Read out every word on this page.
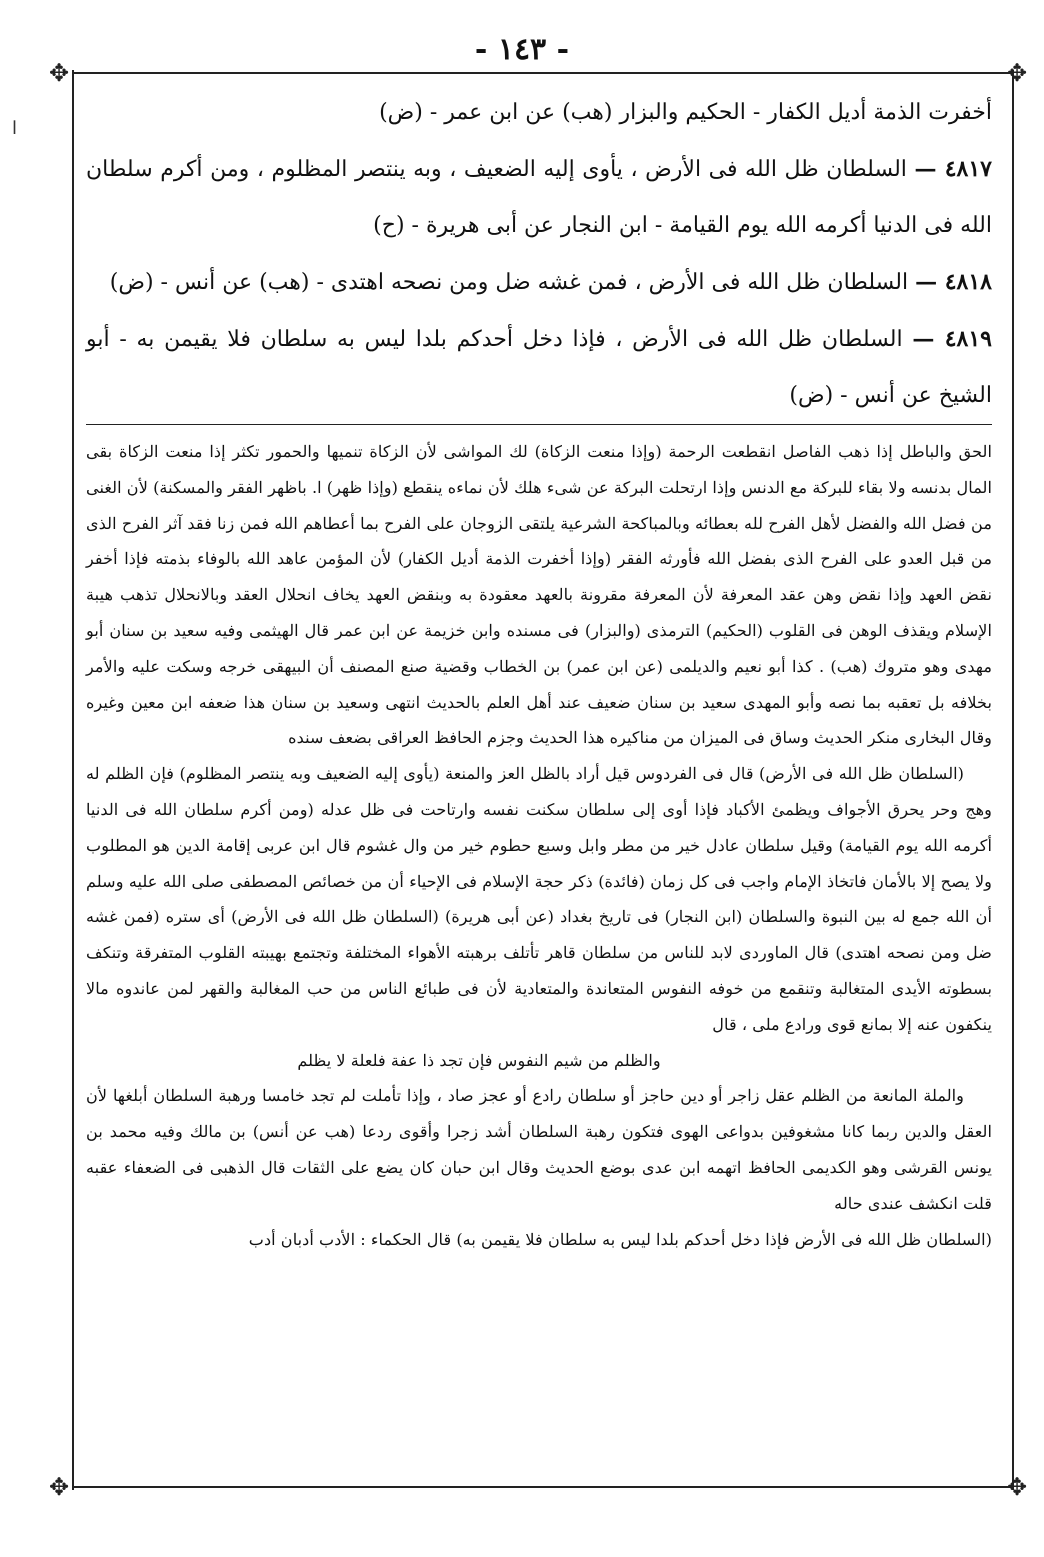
- ١٤٣ -
✥	✥
✥	✥
ا

أخفرت الذمة أديل الكفار - الحكيم والبزار (هب) عن ابن عمر - (ض)

٤٨١٧ — السلطان ظل الله فى الأرض ، يأوى إليه الضعيف ، وبه ينتصر المظلوم ، ومن أكرم سلطان الله فى الدنيا أكرمه الله يوم القيامة - ابن النجار عن أبى هريرة - (ح)

٤٨١٨ — السلطان ظل الله فى الأرض ، فمن غشه ضل ومن نصحه اهتدى - (هب) عن أنس - (ض)

٤٨١٩ — السلطان ظل الله فى الأرض ، فإذا دخل أحدكم بلدا ليس به سلطان فلا يقيمن به - أبو الشيخ عن أنس - (ض)

الحق والباطل إذا ذهب الفاصل انقطعت الرحمة (وإذا منعت الزكاة) لك المواشى لأن الزكاة تنميها والحمور تكثر إذا منعت الزكاة بقى المال بدنسه ولا بقاء للبركة مع الدنس وإذا ارتحلت البركة عن شىء هلك لأن نماءه ينقطع (وإذا ظهر) ا. باظهر الفقر والمسكنة) لأن الغنى من فضل الله والفضل لأهل الفرح لله بعطائه وبالمباكحة الشرعية يلتقى الزوجان على الفرح بما أعطاهم الله فمن زنا فقد آثر الفرح الذى من قبل العدو على الفرح الذى بفضل الله فأورثه الفقر (وإذا أخفرت الذمة أديل الكفار) لأن المؤمن عاهد الله بالوفاء بذمته فإذا أخفر نقض العهد وإذا نقض وهن عقد المعرفة لأن المعرفة مقرونة بالعهد معقودة به وبنقض العهد يخاف انحلال العقد وبالانحلال تذهب هيبة الإسلام ويقذف الوهن فى القلوب (الحكيم) الترمذى (والبزار) فى مسنده وابن خزيمة عن ابن عمر قال الهيثمى وفيه سعيد بن سنان أبو مهدى وهو متروك (هب) . كذا أبو نعيم والديلمى (عن ابن عمر) بن الخطاب وقضية صنع المصنف أن البيهقى خرجه وسكت عليه والأمر بخلافه بل تعقبه بما نصه وأبو المهدى سعيد بن سنان ضعيف عند أهل العلم بالحديث انتهى وسعيد بن سنان هذا ضعفه ابن معين وغيره وقال البخارى منكر الحديث وساق فى الميزان من مناكيره هذا الحديث وجزم الحافظ العراقى بضعف سنده

(السلطان ظل الله فى الأرض) قال فى الفردوس قيل أراد بالظل العز والمنعة (يأوى إليه الضعيف وبه ينتصر المظلوم) فإن الظلم له وهج وحر يحرق الأجواف ويظمئ الأكباد فإذا أوى إلى سلطان سكنت نفسه وارتاحت فى ظل عدله (ومن أكرم سلطان الله فى الدنيا أكرمه الله يوم القيامة) وقيل سلطان عادل خير من مطر وابل وسبع حطوم خير من وال غشوم قال ابن عربى إقامة الدين هو المطلوب ولا يصح إلا بالأمان فاتخاذ الإمام واجب فى كل زمان (فائدة) ذكر حجة الإسلام فى الإحياء أن من خصائص المصطفى صلى الله عليه وسلم أن الله جمع له بين النبوة والسلطان (ابن النجار) فى تاريخ بغداد (عن أبى هريرة) (السلطان ظل الله فى الأرض) أى ستره (فمن غشه ضل ومن نصحه اهتدى) قال الماوردى لابد للناس من سلطان قاهر تأتلف برهبته الأهواء المختلفة وتجتمع بهيبته القلوب المتفرقة وتنكف بسطوته الأيدى المتغالبة وتنقمع من خوفه النفوس المتعاندة والمتعادية لأن فى طبائع الناس من حب المغالبة والقهر لمن عاندوه مالا ينكفون عنه إلا بمانع قوى ورادع ملى ، قال

والظلم من شيم النفوس فإن تجد ذا عفة فلعلة لا يظلم

والملة المانعة من الظلم عقل زاجر أو دين حاجز أو سلطان رادع أو عجز صاد ، وإذا تأملت لم تجد خامسا ورهبة السلطان أبلغها لأن العقل والدين ربما كانا مشغوفين بدواعى الهوى فتكون رهبة السلطان أشد زجرا وأقوى ردعا (هب عن أنس) بن مالك وفيه محمد بن يونس القرشى وهو الكديمى الحافظ اتهمه ابن عدى بوضع الحديث وقال ابن حبان كان يضع على الثقات قال الذهبى فى الضعفاء عقبه قلت انكشف عندى حاله

(السلطان ظل الله فى الأرض فإذا دخل أحدكم بلدا ليس به سلطان فلا يقيمن به) قال الحكماء : الأدب أدبان أدب
